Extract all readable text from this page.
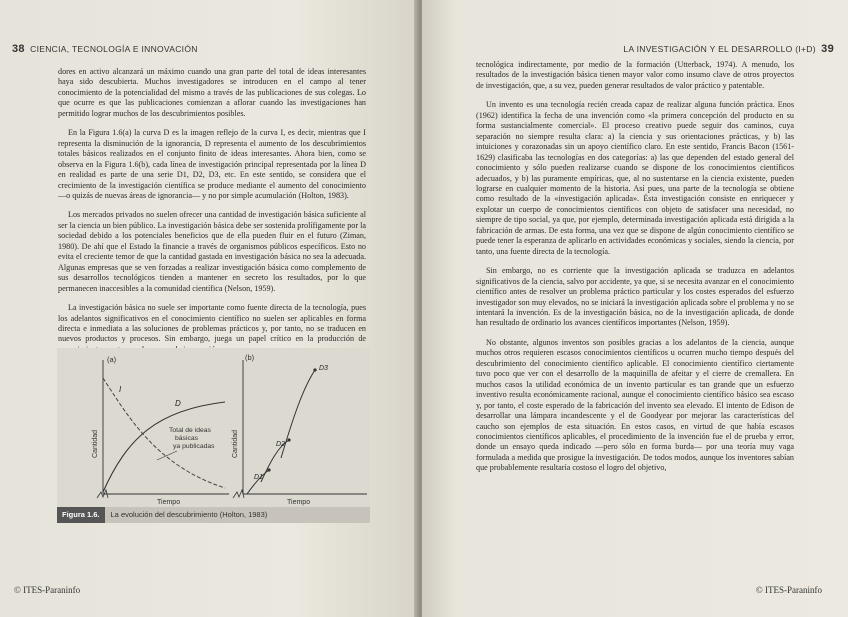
38 CIENCIA, TECNOLOGÍA E INNOVACIÓN

dores en activo alcanzará un máximo cuando una gran parte del total de ideas interesantes haya sido descubierta. Muchos investigadores se introducen en el campo al tener conocimiento de la potencialidad del mismo a través de las publicaciones de sus colegas. Lo que ocurre es que las publicaciones comienzan a aflorar cuando las investigaciones han permitido lograr muchos de los descubrimientos posibles.

En la Figura 1.6(a) la curva D es la imagen reflejo de la curva I, es decir, mientras que I representa la disminución de la ignorancia, D representa el aumento de los descubrimientos totales básicos realizados en el conjunto finito de ideas interesantes. Ahora bien, como se observa en la Figura 1.6(b), cada línea de investigación principal representada por la línea D en realidad es parte de una serie D1, D2, D3, etc. En este sentido, se considera que el crecimiento de la investigación científica se produce mediante el aumento del conocimiento —o quizás de nuevas áreas de ignorancia— y no por simple acumulación (Holton, 1983).

Los mercados privados no suelen ofrecer una cantidad de investigación básica suficiente al ser la ciencia un bien público. La investigación básica debe ser sostenida prolífigamente por la sociedad debido a los potenciales beneficios que de ella pueden fluir en el futuro (Ziman, 1980). De ahí que el Estado la financie a través de organismos públicos específicos. Esto no evita el creciente temor de que la cantidad gastada en investigación básica no sea la adecuada. Algunas empresas que se ven forzadas a realizar investigación básica como complemento de sus desarrollos tecnológicos tienden a mantener en secreto los resultados, por lo que permanecen inaccesibles a la comunidad científica (Nelson, 1959).

La investigación básica no suele ser importante como fuente directa de la tecnología, pues los adelantos significativos en el conocimiento científico no suelen ser aplicables en forma directa e inmediata a las soluciones de problemas prácticos y, por tanto, no se traducen en nuevos productos y procesos. Sin embargo, juega un papel crítico en la producción de

(a)
Cantidad
Tiempo
D
I
Total de ideas
básicas
ya publicadas
(b)
Cantidad
Tiempo
D1
D2
D3
Figura 1.6. La evolución del descubrimiento (Holton, 1983)
© ITES-Paraninfo
LA INVESTIGACIÓN Y EL DESARROLLO (I+D) 39

tecnológica indirectamente, por medio de la formación (Utterback, 1974). A menudo, los resultados de la investigación básica tienen mayor valor como insumo clave de otros proyectos de investigación, que, a su vez, pueden generar resultados de valor práctico y patentable.

Un invento es una tecnología recién creada capaz de realizar alguna función práctica. Enos (1962) identifica la fecha de una invención como «la primera concepción del producto en su forma sustancialmente comercial». El proceso creativo puede seguir dos caminos, cuya separación no siempre resulta clara: a) la ciencia y sus orientaciones prácticas, y b) las intuiciones y corazonadas sin un apoyo científico claro. En este sentido, Francis Bacon (1561-1629) clasificaba las tecnologías en dos categorías: a) las que dependen del estado general del conocimiento y sólo pueden realizarse cuando se dispone de los conocimientos científicos adecuados, y b) las puramente empíricas, que, al no sustentarse en la ciencia existente, pueden lograrse en cualquier momento de la historia. Así pues, una parte de la tecnología se obtiene como resultado de la «investigación aplicada». Ésta investigación consiste en enriquecer y explotar un cuerpo de conocimientos científicos con objeto de satisfacer una necesidad, no siempre de tipo social, ya que, por ejemplo, determinada investigación aplicada está dirigida a la fabricación de armas. De esta forma, una vez que se dispone de algún conocimiento científico se puede tener la esperanza de aplicarlo en actividades económicas y sociales, siendo la ciencia, por tanto, una fuente directa de la tecnología.

Sin embargo, no es corriente que la investigación aplicada se traduzca en adelantos significativos de la ciencia, salvo por accidente, ya que, si se necesita avanzar en el conocimiento científico antes de resolver un problema práctico particular y los costes esperados del esfuerzo investigador son muy elevados, no se iniciará la investigación aplicada sobre el problema y no se intentará la invención. Es de la investigación básica, no de la investigación aplicada, de donde han resultado de ordinario los avances científicos importantes (Nelson, 1959).

No obstante, algunos inventos son posibles gracias a los adelantos de la ciencia, aunque muchos otros requieren escasos conocimientos científicos u ocurren mucho tiempo después del descubrimiento del conocimiento científico aplicable. El conocimiento científico ciertamente tuvo poco que ver con el desarrollo de la maquinilla de afeitar y el cierre de cremallera. En muchos casos la utilidad económica de un invento particular es tan grande que un esfuerzo inventivo resulta económicamente racional, aunque el conocimiento científico básico sea escaso y, por tanto, el coste esperado de la fabricación del invento sea elevado. El intento de Edison de desarrollar una lámpara incandescente y el de Goodyear por mejorar las características del caucho son ejemplos de esta situación. En estos casos, en virtud de que había escasos conocimientos científicos aplicables, el procedimiento de la invención fue el de prueba y error, donde un ensayo queda indicado —pero sólo en forma burda— por una teoría muy vaga formulada a medida que prosigue la investigación. De todos modos, aunque los inventores sabían que probablemente resultaría costoso el logro del objetivo,

© ITES-Paraninfo
